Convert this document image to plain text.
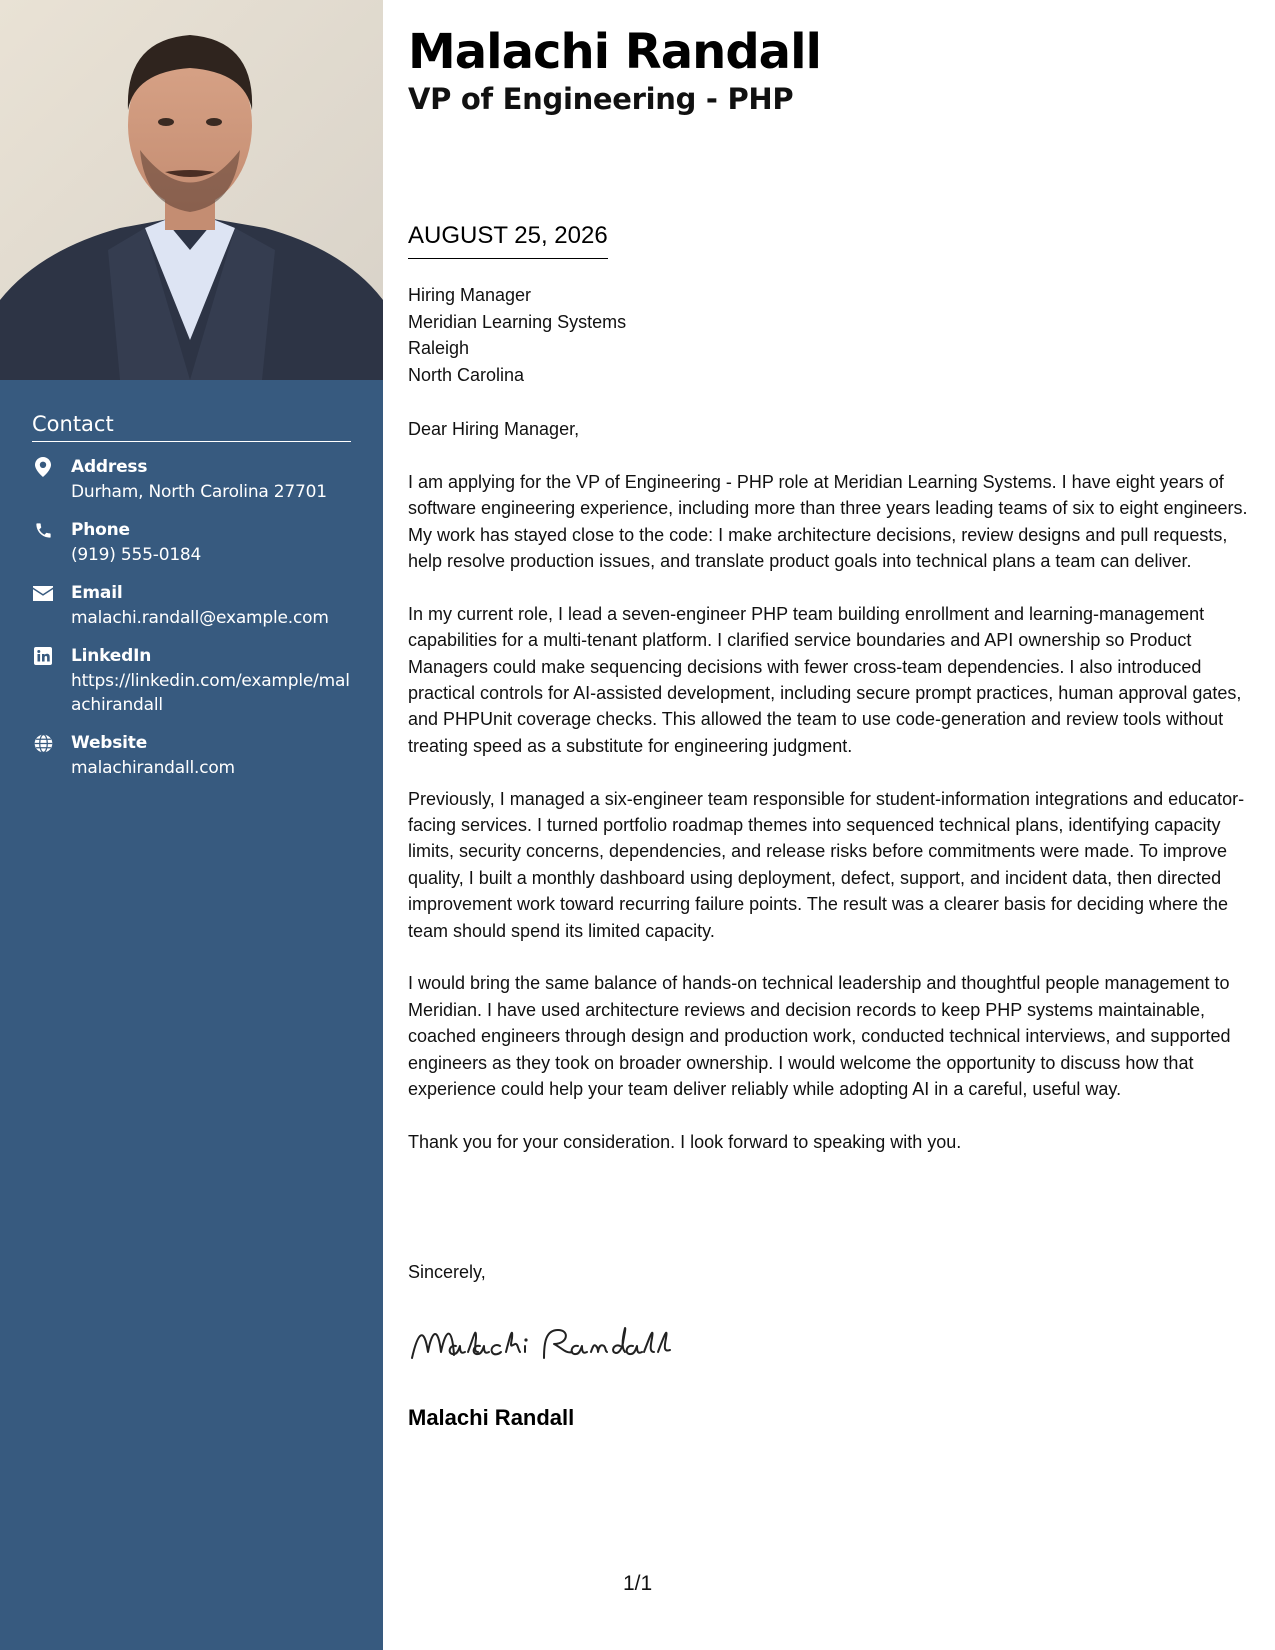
Contact
Address
Durham, North Carolina 27701
Phone
(919) 555-0184
Email
malachi.randall@example.com
LinkedIn
https://linkedin.com/example/malachirandall
Website
malachirandall.com
Malachi Randall
VP of Engineering - PHP
AUGUST 25, 2026
Hiring Manager
Meridian Learning Systems
Raleigh
North Carolina

Dear Hiring Manager,

I am applying for the VP of Engineering - PHP role at Meridian Learning Systems. I have eight years of software engineering experience, including more than three years leading teams of six to eight engineers. My work has stayed close to the code: I make architecture decisions, review designs and pull requests, help resolve production issues, and translate product goals into technical plans a team can deliver.

In my current role, I lead a seven-engineer PHP team building enrollment and learning-management capabilities for a multi-tenant platform. I clarified service boundaries and API ownership so Product Managers could make sequencing decisions with fewer cross-team dependencies. I also introduced practical controls for AI-assisted development, including secure prompt practices, human approval gates, and PHPUnit coverage checks. This allowed the team to use code-generation and review tools without treating speed as a substitute for engineering judgment.

Previously, I managed a six-engineer team responsible for student-information integrations and educator-facing services. I turned portfolio roadmap themes into sequenced technical plans, identifying capacity limits, security concerns, dependencies, and release risks before commitments were made. To improve quality, I built a monthly dashboard using deployment, defect, support, and incident data, then directed improvement work toward recurring failure points. The result was a clearer basis for deciding where the team should spend its limited capacity.

I would bring the same balance of hands-on technical leadership and thoughtful people management to Meridian. I have used architecture reviews and decision records to keep PHP systems maintainable, coached engineers through design and production work, conducted technical interviews, and supported engineers as they took on broader ownership. I would welcome the opportunity to discuss how that experience could help your team deliver reliably while adopting AI in a careful, useful way.

Thank you for your consideration. I look forward to speaking with you.

Sincerely,
Malachi Randall
1/1
